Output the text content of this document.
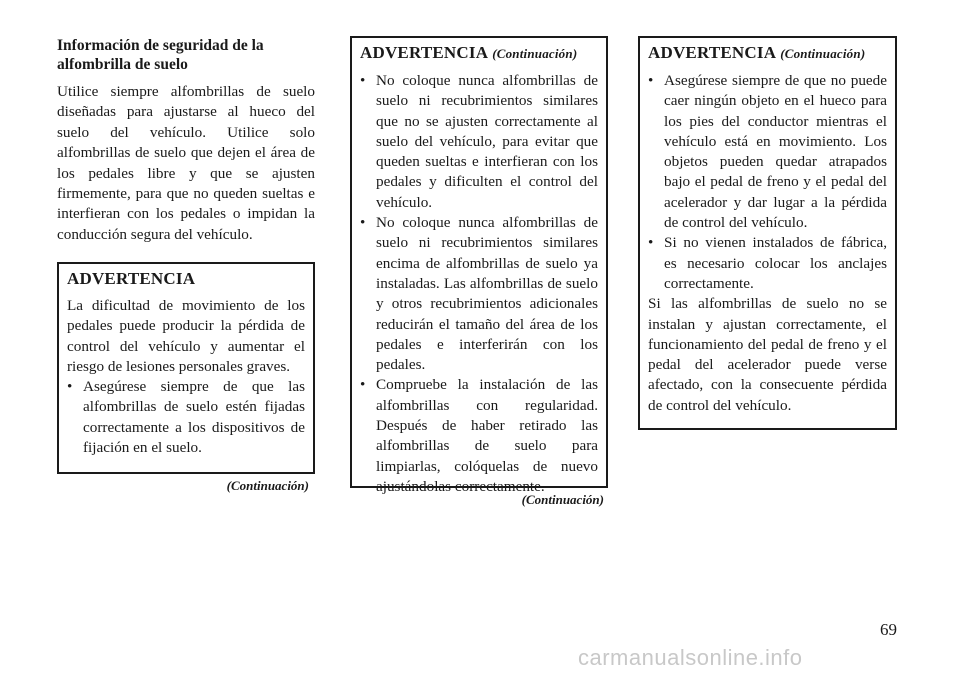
Información de seguridad de la alfombrilla de suelo

Utilice siempre alfombrillas de suelo diseñadas para ajustarse al hueco del suelo del vehículo. Utilice solo alfombrillas de suelo que dejen el área de los pedales libre y que se ajusten firmemente, para que no queden sueltas e interfieran con los pedales o impidan la conducción segura del vehículo.

ADVERTENCIA

La dificultad de movimiento de los pedales puede producir la pérdida de control del vehículo y aumentar el riesgo de lesiones personales graves.

• Asegúrese siempre de que las alfombrillas de suelo estén fijadas correctamente a los dispositivos de fijación en el suelo.
(Continuación)
ADVERTENCIA (Continuación)
• No coloque nunca alfombrillas de suelo ni recubrimientos similares que no se ajusten correctamente al suelo del vehículo, para evitar que queden sueltas e interfieran con los pedales y dificulten el control del vehículo.
• No coloque nunca alfombrillas de suelo ni recubrimientos similares encima de alfombrillas de suelo ya instaladas. Las alfombrillas de suelo y otros recubrimientos adicionales reducirán el tamaño del área de los pedales e interferirán con los pedales.
• Compruebe la instalación de las alfombrillas con regularidad. Después de haber retirado las alfombrillas de suelo para limpiarlas, colóquelas de nuevo ajustándolas correctamente.
(Continuación)
ADVERTENCIA (Continuación)
• Asegúrese siempre de que no puede caer ningún objeto en el hueco para los pies del conductor mientras el vehículo está en movimiento. Los objetos pueden quedar atrapados bajo el pedal de freno y el pedal del acelerador y dar lugar a la pérdida de control del vehículo.
• Si no vienen instalados de fábrica, es necesario colocar los anclajes correctamente.

Si las alfombrillas de suelo no se instalan y ajustan correctamente, el funcionamiento del pedal de freno y el pedal del acelerador puede verse afectado, con la consecuente pérdida de control del vehículo.

69

carmanualsonline.info
